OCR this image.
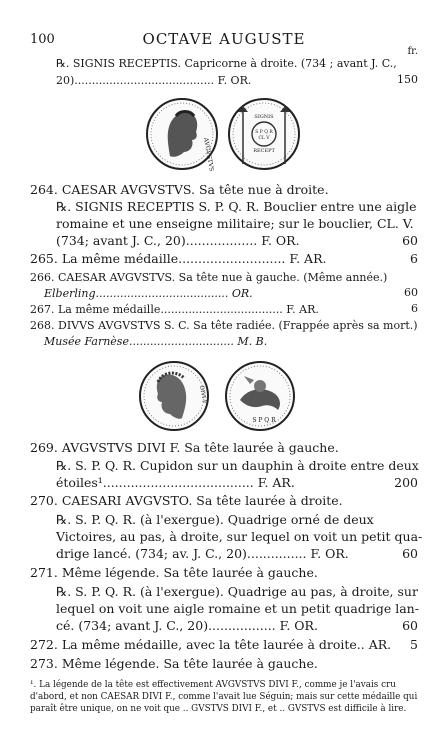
100	OCTAVE AUGUSTE
fr.
℞. SIGNIS RECEPTIS. Capricorne à droite. (734 ; avant J. C.,
20)........................................ F. OR.	150
AVGVSTVS
SIGNIS
RECEPT
S P Q R
CL V
264. CAESAR AVGVSTVS. Sa tête nue à droite.
℞. SIGNIS RECEPTIS S. P. Q. R. Bouclier entre une aigle
romaine et une enseigne militaire; sur le bouclier, CL. V.
(734; avant J. C., 20).................. F. OR.	60
265. La même médaille........................... F. AR.	6
266. CAESAR AVGVSTVS. Sa tête nue à gauche. (Même année.)
Elberling...................................... OR.	60
267. La même médaille................................... F. AR.	6
268. DIVVS AVGVSTVS S. C. Sa tête radiée. (Frappée après sa mort.)
Musée Farnèse.............................. M. B.
DIVI F
S P Q R
269. AVGVSTVS DIVI F. Sa tête laurée à gauche.
℞. S. P. Q. R. Cupidon sur un dauphin à droite entre deux
étoiles¹...................................... F. AR.	200
270. CAESARI AVGVSTO. Sa tête laurée à droite.
℞. S. P. Q. R. (à l'exergue). Quadrige orné de deux
Victoires, au pas, à droite, sur lequel on voit un petit qua-
drige lancé. (734; av. J. C., 20)............... F. OR.	60
271. Même légende. Sa tête laurée à gauche.
℞. S. P. Q. R. (à l'exergue). Quadrige au pas, à droite, sur
lequel on voit une aigle romaine et un petit quadrige lan-
cé. (734; avant J. C., 20)................. F. OR.	60
272. La même médaille, avec la tête laurée à droite.. AR. 5
273. Même légende. Sa tête laurée à gauche.
¹. La légende de la tête est effectivement AVGVSTVS DIVI F., comme je l'avais cru
d'abord, et non CAESAR DIVI F., comme l'avait lue Séguin; mais sur cette médaille qui
paraît être unique, on ne voit que .. GVSTVS DIVI F., et .. GVSTVS est difficile à lire.
